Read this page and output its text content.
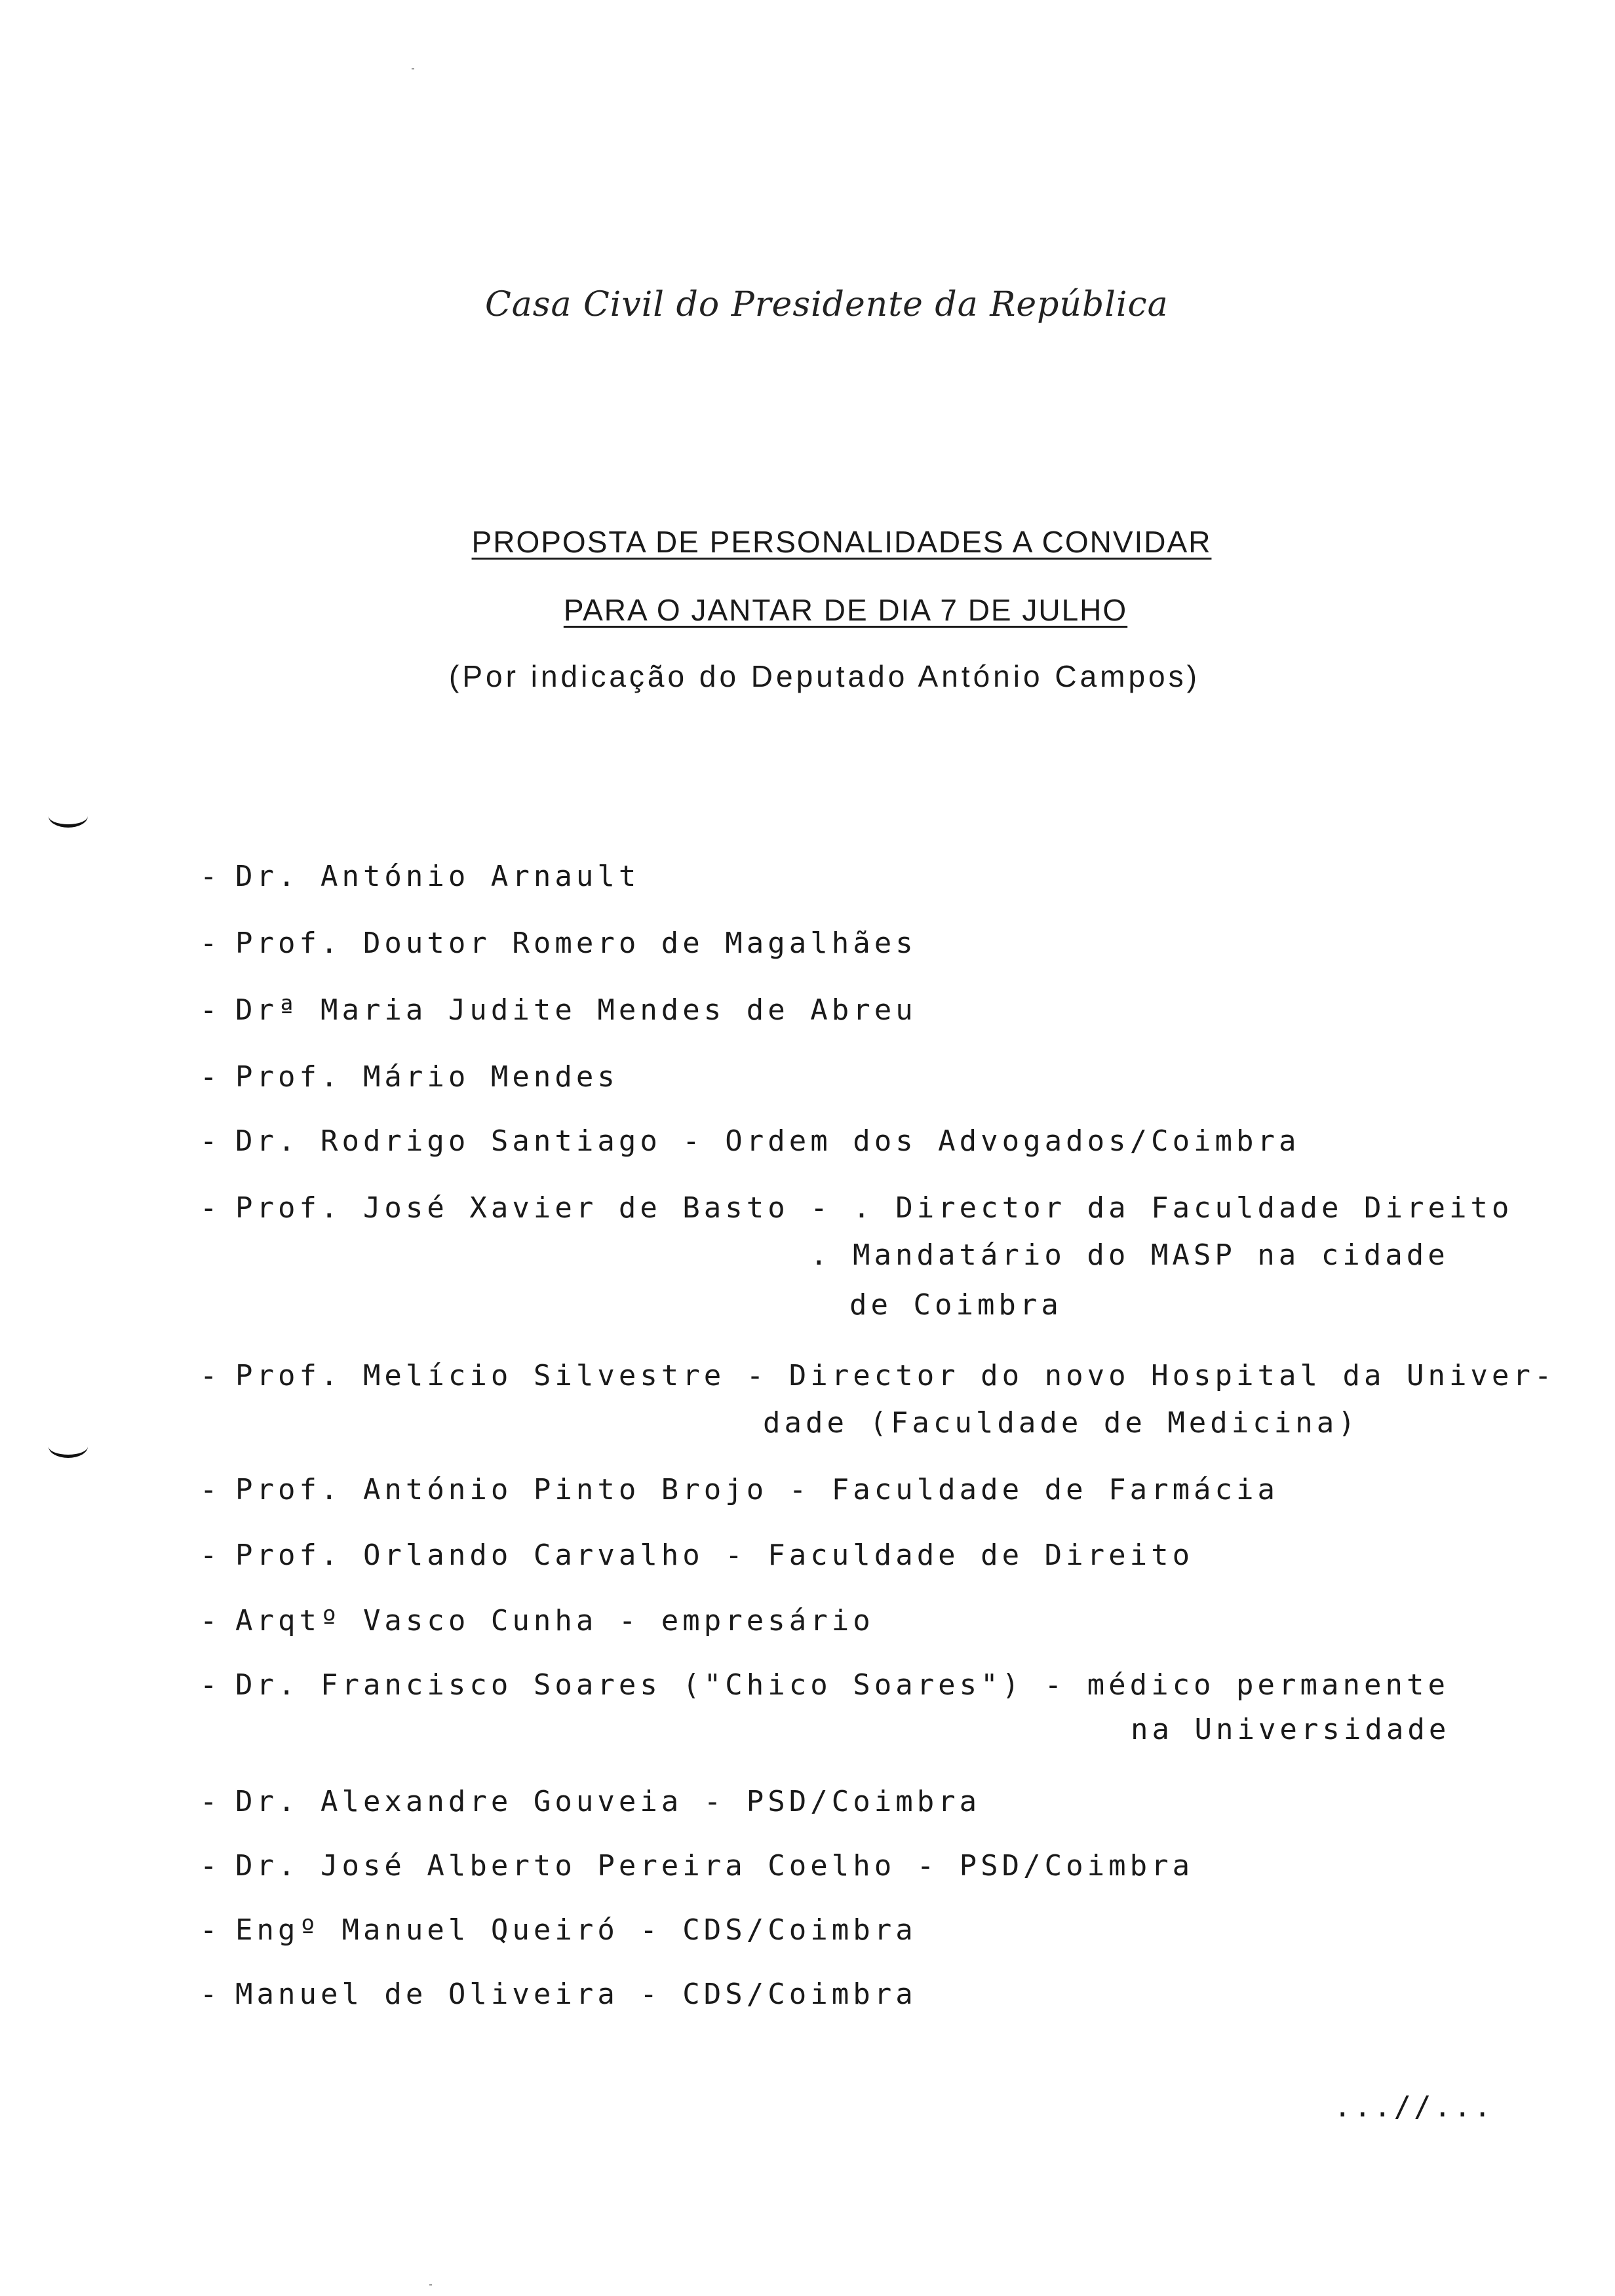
Casa Civil do Presidente da República
PROPOSTA DE PERSONALIDADES A CONVIDAR
PARA O JANTAR DE DIA 7 DE JULHO
(Por indicação do Deputado António Campos)
- Dr. António Arnault
- Prof. Doutor Romero de Magalhães
- Drª Maria Judite Mendes de Abreu
- Prof. Mário Mendes
- Dr. Rodrigo Santiago - Ordem dos Advogados/Coimbra
- Prof. José Xavier de Basto - . Director da Faculdade Direito
. Mandatário do MASP na cidade
de Coimbra
- Prof. Melício Silvestre - Director do novo Hospital da Univer-
dade (Faculdade de Medicina)
- Prof. António Pinto Brojo - Faculdade de Farmácia
- Prof. Orlando Carvalho - Faculdade de Direito
- Arqtº Vasco Cunha - empresário
- Dr. Francisco Soares ("Chico Soares") - médico permanente
na Universidade
- Dr. Alexandre Gouveia - PSD/Coimbra
- Dr. José Alberto Pereira Coelho - PSD/Coimbra
- Engº Manuel Queiró - CDS/Coimbra
- Manuel de Oliveira - CDS/Coimbra
...//...
